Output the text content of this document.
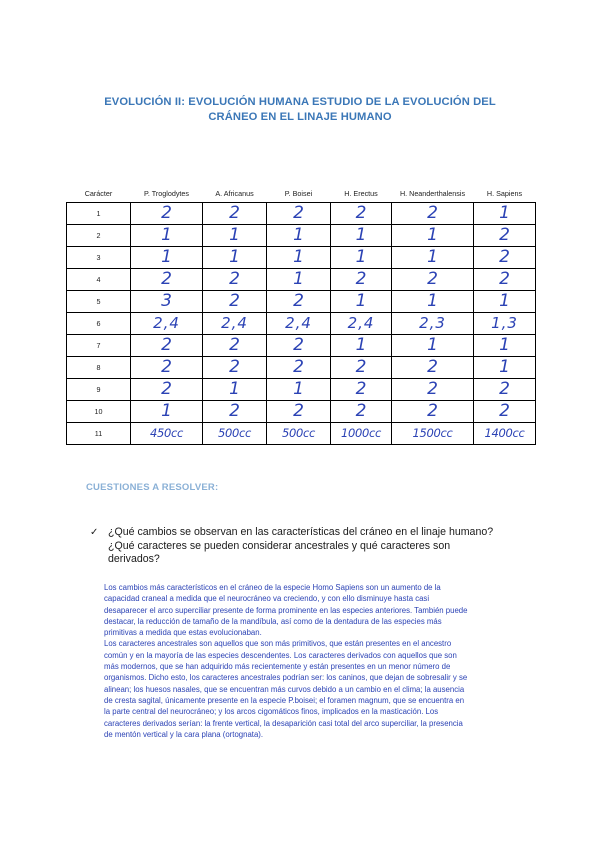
EVOLUCIÓN II: EVOLUCIÓN HUMANA ESTUDIO DE LA EVOLUCIÓN DEL
CRÁNEO EN EL LINAJE HUMANO
Carácter	P. Troglodytes	A. Africanus	P. Boisei	H. Erectus	H. Neanderthalensis	H. Sapiens
1	2	2	2	2	2	1
2	1	1	1	1	1	2
3	1	1	1	1	1	2
4	2	2	1	2	2	2
5	3	2	2	1	1	1
6	2,4	2,4	2,4	2,4	2,3	1,3
7	2	2	2	1	1	1
8	2	2	2	2	2	1
9	2	1	1	2	2	2
10	1	2	2	2	2	2
11	450cc	500cc	500cc	1000cc	1500cc	1400cc
CUESTIONES A RESOLVER:
✓ ¿Qué cambios se observan en las características del cráneo en el linaje humano?
¿Qué caracteres se pueden considerar ancestrales y qué caracteres son
derivados?

Los cambios más característicos en el cráneo de la especie Homo Sapiens son un aumento de la
capacidad craneal a medida que el neurocráneo va creciendo, y con ello disminuye hasta casi
desaparecer el arco superciliar presente de forma prominente en las especies anteriores. También puede
destacar, la reducción de tamaño de la mandíbula, así como de la dentadura de las especies más
primitivas a medida que estas evolucionaban.

Los caracteres ancestrales son aquellos que son más primitivos, que están presentes en el ancestro
común y en la mayoría de las especies descendentes. Los caracteres derivados con aquellos que son
más modernos, que se han adquirido más recientemente y están presentes en un menor número de
organismos. Dicho esto, los caracteres ancestrales podrían ser: los caninos, que dejan de sobresalir y se
alinean; los huesos nasales, que se encuentran más curvos debido a un cambio en el clima; la ausencia
de cresta sagital, únicamente presente en la especie P.boisei; el foramen magnum, que se encuentra en
la parte central del neurocráneo; y los arcos cigomáticos finos, implicados en la masticación. Los
caracteres derivados serían: la frente vertical, la desaparición casi total del arco superciliar, la presencia
de mentón vertical y la cara plana (ortognata).
